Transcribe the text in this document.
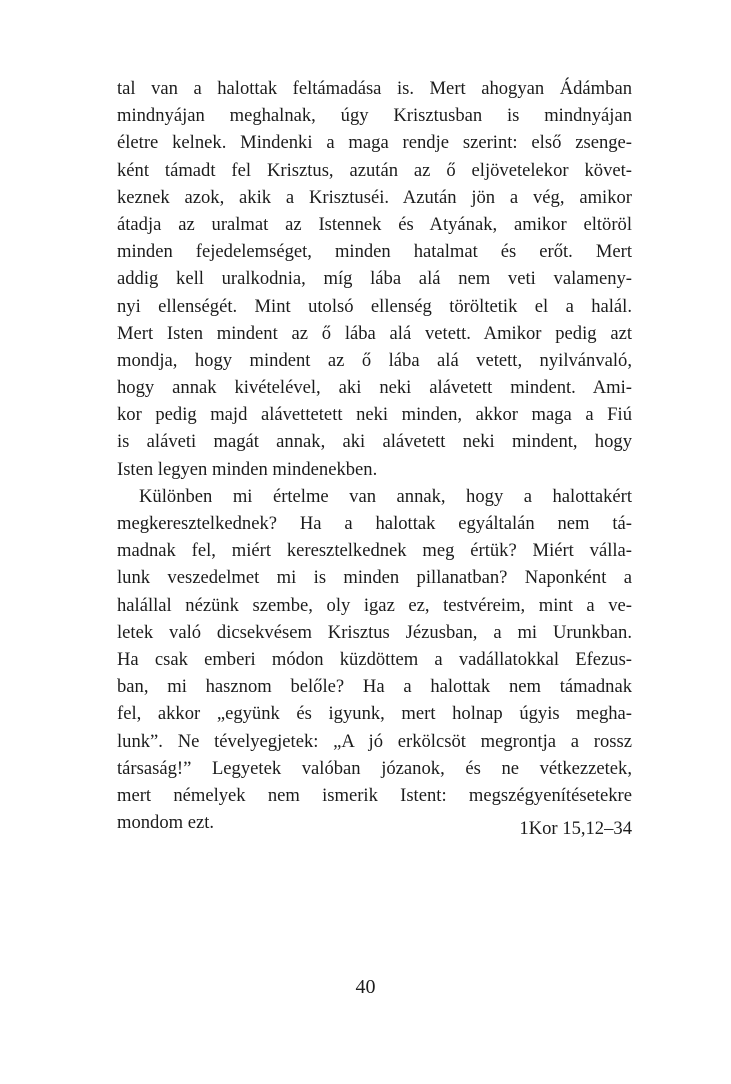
tal van a halottak feltámadása is. Mert ahogyan Ádámban
mindnyájan meghalnak, úgy Krisztusban is mindnyájan
életre kelnek. Mindenki a maga rendje szerint: első zsenge-
ként támadt fel Krisztus, azután az ő eljövetelekor követ-
keznek azok, akik a Krisztuséi. Azután jön a vég, amikor
átadja az uralmat az Istennek és Atyának, amikor eltöröl
minden fejedelemséget, minden hatalmat és erőt. Mert
addig kell uralkodnia, míg lába alá nem veti valameny-
nyi ellenségét. Mint utolsó ellenség töröltetik el a halál.
Mert Isten mindent az ő lába alá vetett. Amikor pedig azt
mondja, hogy mindent az ő lába alá vetett, nyilvánvaló,
hogy annak kivételével, aki neki alávetett mindent. Ami-
kor pedig majd alávettetett neki minden, akkor maga a Fiú
is aláveti magát annak, aki alávetett neki mindent, hogy
Isten legyen minden mindenekben.
Különben mi értelme van annak, hogy a halottakért
megkeresztelkednek? Ha a halottak egyáltalán nem tá-
madnak fel, miért keresztelkednek meg értük? Miért válla-
lunk veszedelmet mi is minden pillanatban? Naponként a
halállal nézünk szembe, oly igaz ez, testvéreim, mint a ve-
letek való dicsekvésem Krisztus Jézusban, a mi Urunkban.
Ha csak emberi módon küzdöttem a vadállatokkal Efezus-
ban, mi hasznom belőle? Ha a halottak nem támadnak
fel, akkor „együnk és igyunk, mert holnap úgyis megha-
lunk”. Ne tévelyegjetek: „A jó erkölcsöt megrontja a rossz
társaság!” Legyetek valóban józanok, és ne vétkezzetek,
mert némelyek nem ismerik Istent: megszégyenítésetekre
mondom ezt.	1Kor 15,12–34
40
